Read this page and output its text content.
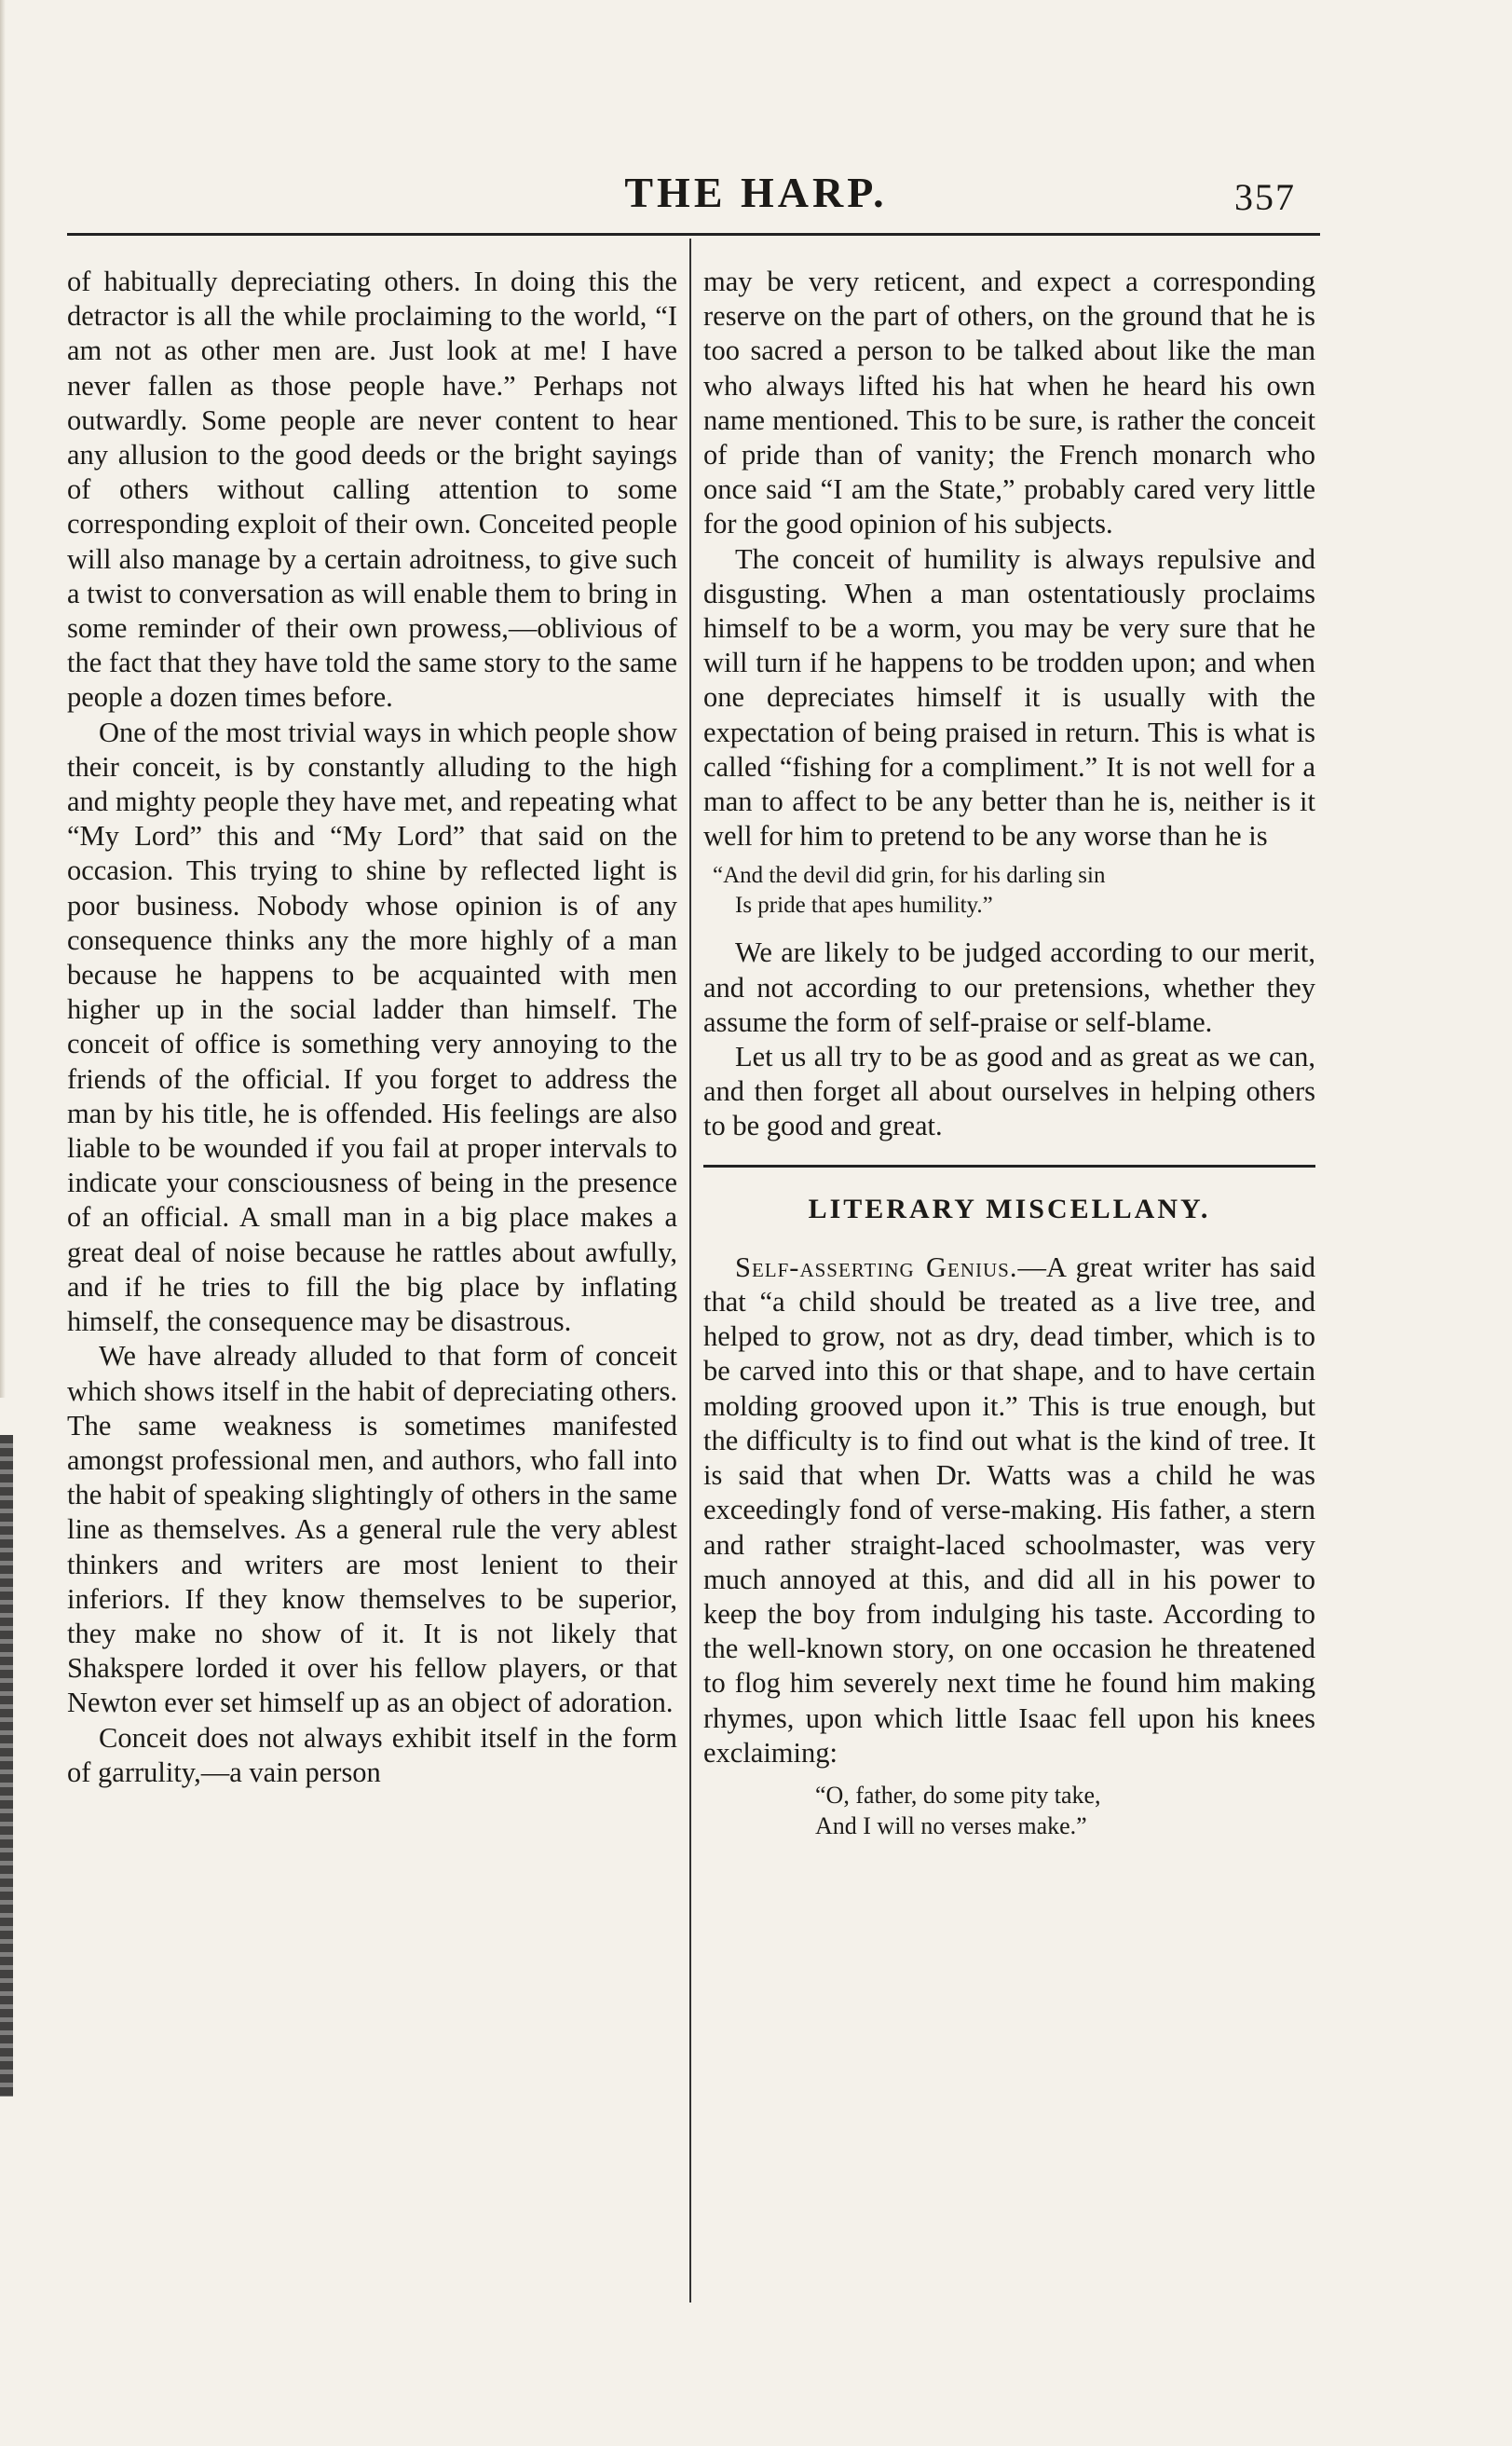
THE HARP.	357

of habitually depreciating others. In doing this the detractor is all the while proclaiming to the world, “I am not as other men are. Just look at me! I have never fallen as those people have.” Perhaps not outwardly. Some people are never content to hear any allusion to the good deeds or the bright sayings of others without calling attention to some corresponding exploit of their own. Conceited people will also manage by a certain adroitness, to give such a twist to conversation as will enable them to bring in some reminder of their own prowess,—oblivious of the fact that they have told the same story to the same people a dozen times before.

One of the most trivial ways in which people show their conceit, is by constantly alluding to the high and mighty people they have met, and repeating what “My Lord” this and “My Lord” that said on the occasion. This trying to shine by reflected light is poor business. Nobody whose opinion is of any consequence thinks any the more highly of a man because he happens to be acquainted with men higher up in the social ladder than himself. The conceit of office is something very annoying to the friends of the official. If you forget to address the man by his title, he is offended. His feelings are also liable to be wounded if you fail at proper intervals to indicate your consciousness of being in the presence of an official. A small man in a big place makes a great deal of noise because he rattles about awfully, and if he tries to fill the big place by inflating himself, the consequence may be disastrous.

We have already alluded to that form of conceit which shows itself in the habit of depreciating others. The same weakness is sometimes manifested amongst professional men, and authors, who fall into the habit of speaking slightingly of others in the same line as themselves. As a general rule the very ablest thinkers and writers are most lenient to their inferiors. If they know themselves to be superior, they make no show of it. It is not likely that Shakspere lorded it over his fellow players, or that Newton ever set himself up as an object of adoration.

Conceit does not always exhibit itself in the form of garrulity,—a vain person

may be very reticent, and expect a corresponding reserve on the part of others, on the ground that he is too sacred a person to be talked about like the man who always lifted his hat when he heard his own name mentioned. This to be sure, is rather the conceit of pride than of vanity; the French monarch who once said “I am the State,” probably cared very little for the good opinion of his subjects.

The conceit of humility is always repulsive and disgusting. When a man ostentatiously proclaims himself to be a worm, you may be very sure that he will turn if he happens to be trodden upon; and when one depreciates himself it is usually with the expectation of being praised in return. This is what is called “fishing for a compliment.” It is not well for a man to affect to be any better than he is, neither is it well for him to pretend to be any worse than he is

“And the devil did grin, for his darling sin
Is pride that apes humility.”

We are likely to be judged according to our merit, and not according to our pretensions, whether they assume the form of self-praise or self-blame.

Let us all try to be as good and as great as we can, and then forget all about ourselves in helping others to be good and great.

LITERARY MISCELLANY.

Self-asserting Genius.—A great writer has said that “a child should be treated as a live tree, and helped to grow, not as dry, dead timber, which is to be carved into this or that shape, and to have certain molding grooved upon it.” This is true enough, but the difficulty is to find out what is the kind of tree. It is said that when Dr. Watts was a child he was exceedingly fond of verse-making. His father, a stern and rather straight-laced schoolmaster, was very much annoyed at this, and did all in his power to keep the boy from indulging his taste. According to the well-known story, on one occasion he threatened to flog him severely next time he found him making rhymes, upon which little Isaac fell upon his knees exclaiming:

“O, father, do some pity take,
And I will no verses make.”
